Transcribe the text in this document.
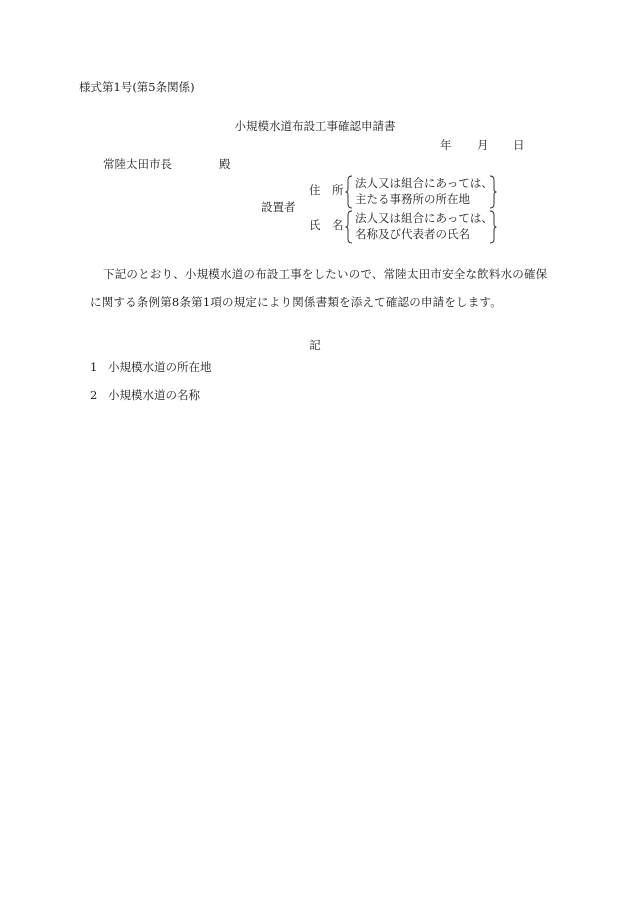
様式第1号(第5条関係)
小規模水道布設工事確認申請書
年 月 日
常陸太田市長	殿
設置者
住　所
氏　名
法人又は組合にあっては、
主たる事務所の所在地
法人又は組合にあっては、
名称及び代表者の氏名
下記のとおり、小規模水道の布設工事をしたいので、常陸太田市安全な飲料水の確保
に関する条例第8条第1項の規定により関係書類を添えて確認の申請をします。
記
1 小規模水道の所在地
2 小規模水道の名称
